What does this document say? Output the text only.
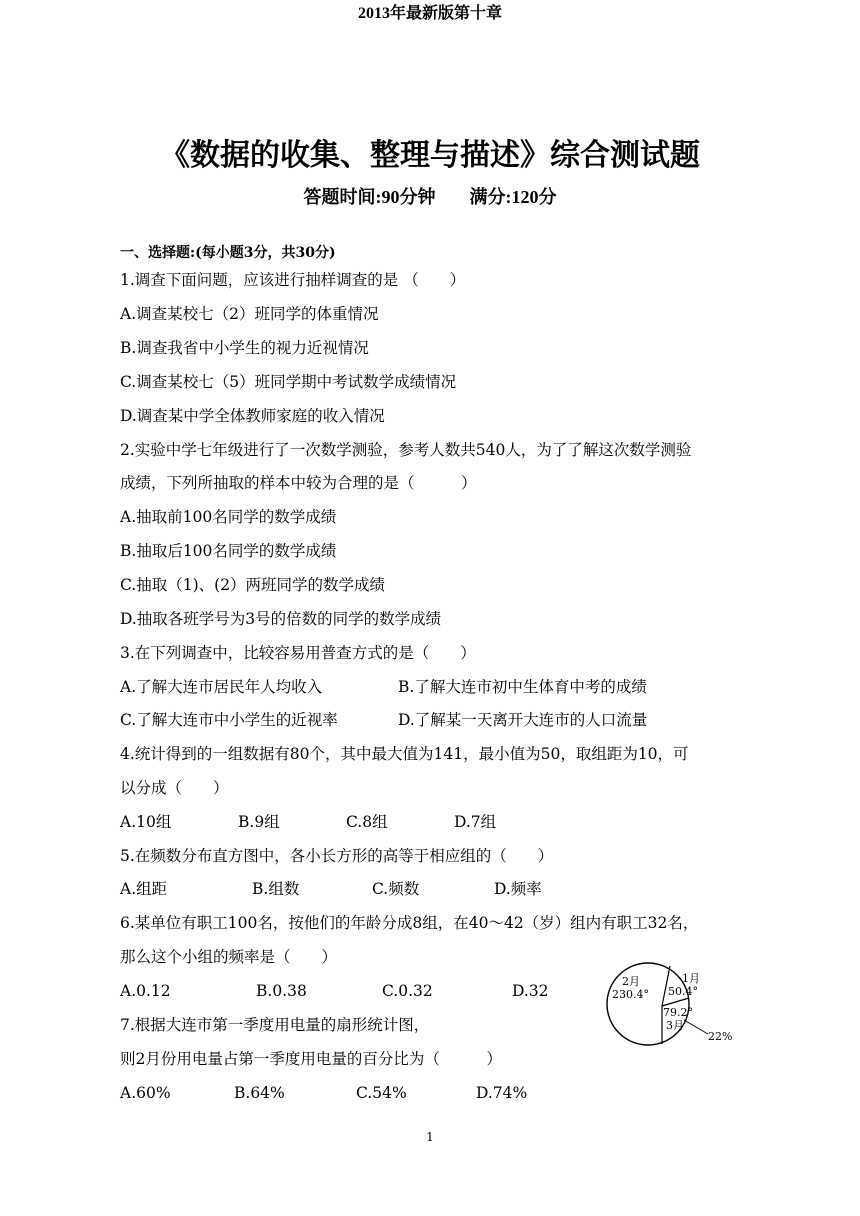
2013年最新版第十章
《数据的收集、整理与描述》综合测试题
答题时间:90分钟 满分:120分
一、选择题:(每小题3分，共30分)
1.调查下面问题，应该进行抽样调查的是 （　　）
A.调查某校七（2）班同学的体重情况
B.调查我省中小学生的视力近视情况
C.调查某校七（5）班同学期中考试数学成绩情况
D.调查某中学全体教师家庭的收入情况
2.实验中学七年级进行了一次数学测验，参考人数共540人，为了了解这次数学测验
成绩，下列所抽取的样本中较为合理的是（　　　）
A.抽取前100名同学的数学成绩
B.抽取后100名同学的数学成绩
C.抽取（1)、(2）两班同学的数学成绩
D.抽取各班学号为3号的倍数的同学的数学成绩
3.在下列调查中，比较容易用普查方式的是（　　）
A.了解大连市居民年人均收入	B.了解大连市初中生体育中考的成绩
C.了解大连市中小学生的近视率	D.了解某一天离开大连市的人口流量
4.统计得到的一组数据有80个，其中最大值为141，最小值为50，取组距为10，可
以分成（　　）
A.10组	B.9组	C.8组	D.7组
5.在频数分布直方图中，各小长方形的高等于相应组的（　　）
A.组距	B.组数	C.频数	D.频率
6.某单位有职工100名，按他们的年龄分成8组，在40～42（岁）组内有职工32名，
那么这个小组的频率是（　　）
A.0.12	B.0.38	C.0.32	D.32
7.根据大连市第一季度用电量的扇形统计图，
则2月份用电量占第一季度用电量的百分比为（　　　）
A.60%	B.64%	C.54%	D.74%
2月
230.4°
1月
50.4°
79.2°
3月
22%
1
